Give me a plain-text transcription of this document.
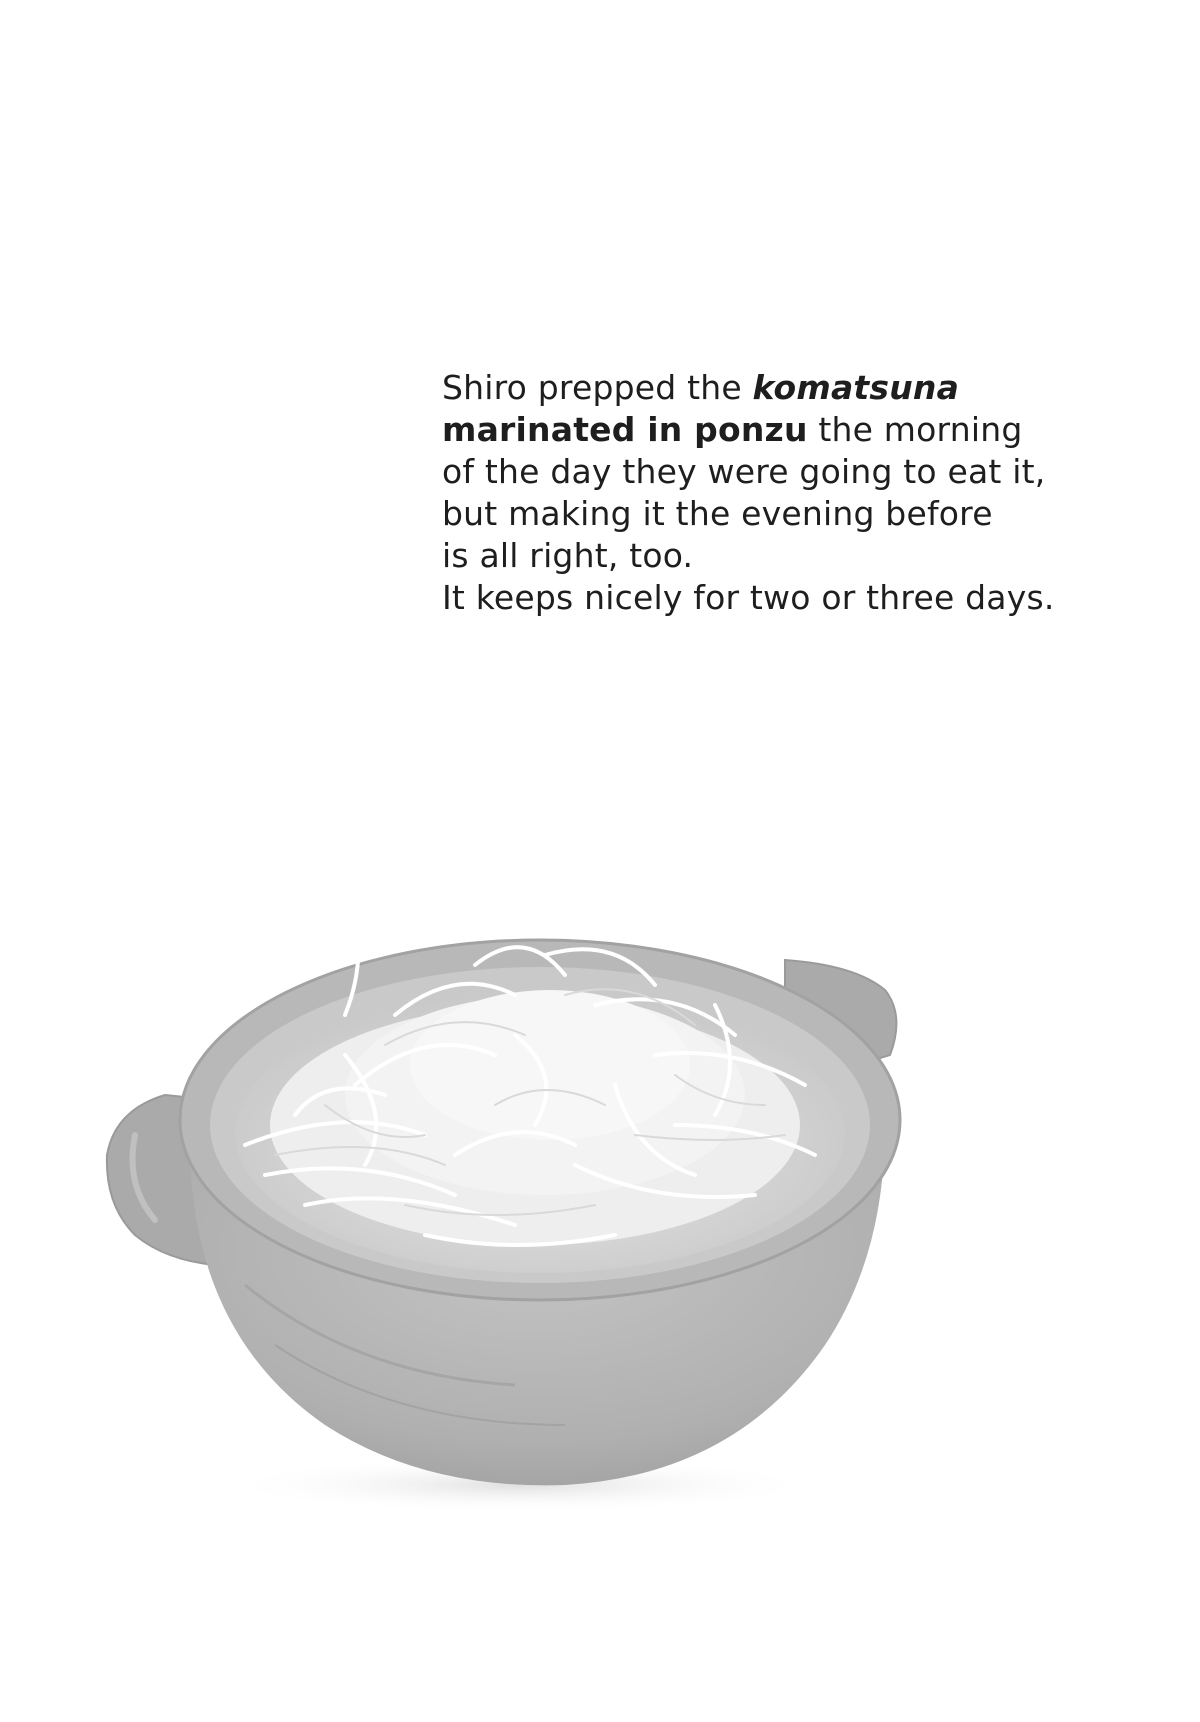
Shiro prepped the komatsuna
marinated in ponzu the morning
of the day they were going to eat it,
but making it the evening before
is all right, too.
It keeps nicely for two or three days.
